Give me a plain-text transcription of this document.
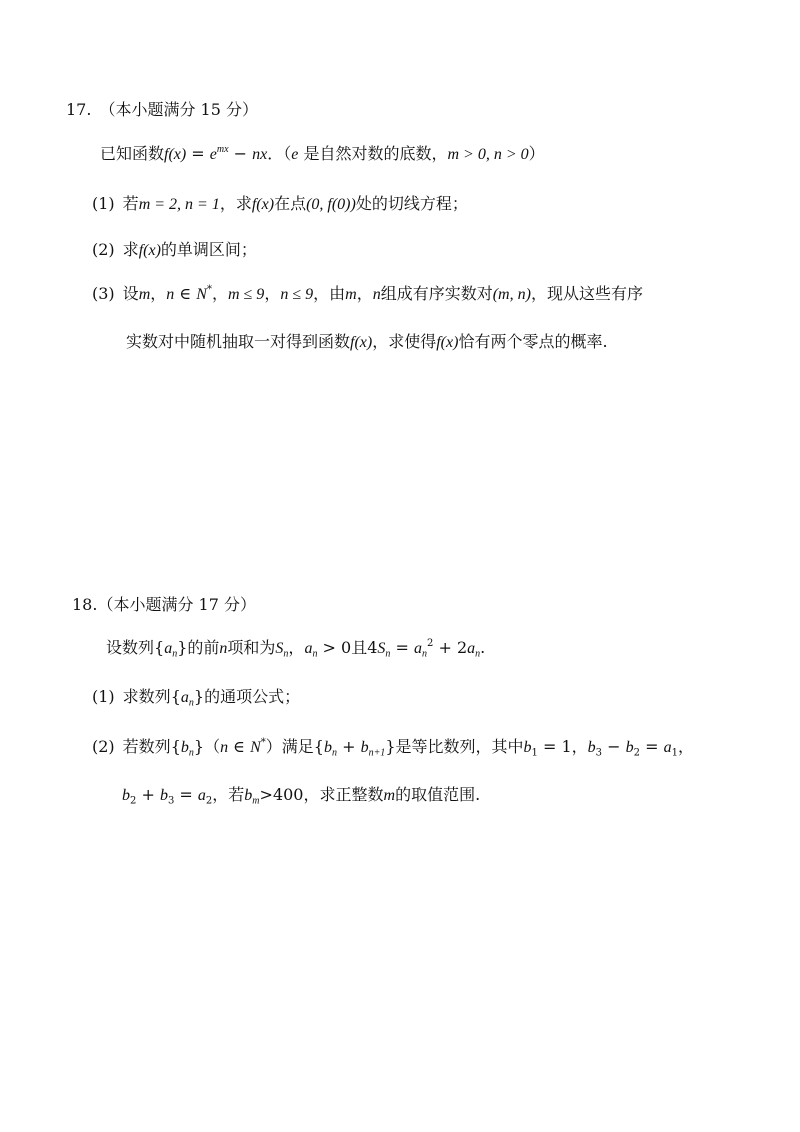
17. （本小题满分 15 分）
已知函数$f(x) = e^{mx}$ − nx．（e 是自然对数的底数，m > 0, n > 0）
(1) 若m = 2, n = 1，求f(x)在点(0, f(0))处的切线方程；
(2) 求f(x)的单调区间；
(3) 设m，n ∈ N*，m ≤ 9，n ≤ 9，由m，n组成有序实数对(m, n)，现从这些有序
实数对中随机抽取一对得到函数f(x)，求使得f(x)恰有两个零点的概率.
18.（本小题满分 17 分）
设数列$\{a_n\}$的前n项和为$S_n$，$a_n > 0$且$4S_n = a_n^2 + 2a_n$.
(1) 求数列$\{a_n\}$的通项公式；
(2) 若数列$\{b_n\}(n$ ∈ N*）满足$\{b_n + b_{n+1}\}$是等比数列，其中$b_1 = 1$，$b_3 - b_2 = a_1$，
$b_2 + b_3 = a_2$，若$b_m>400$，求正整数m的取值范围.
